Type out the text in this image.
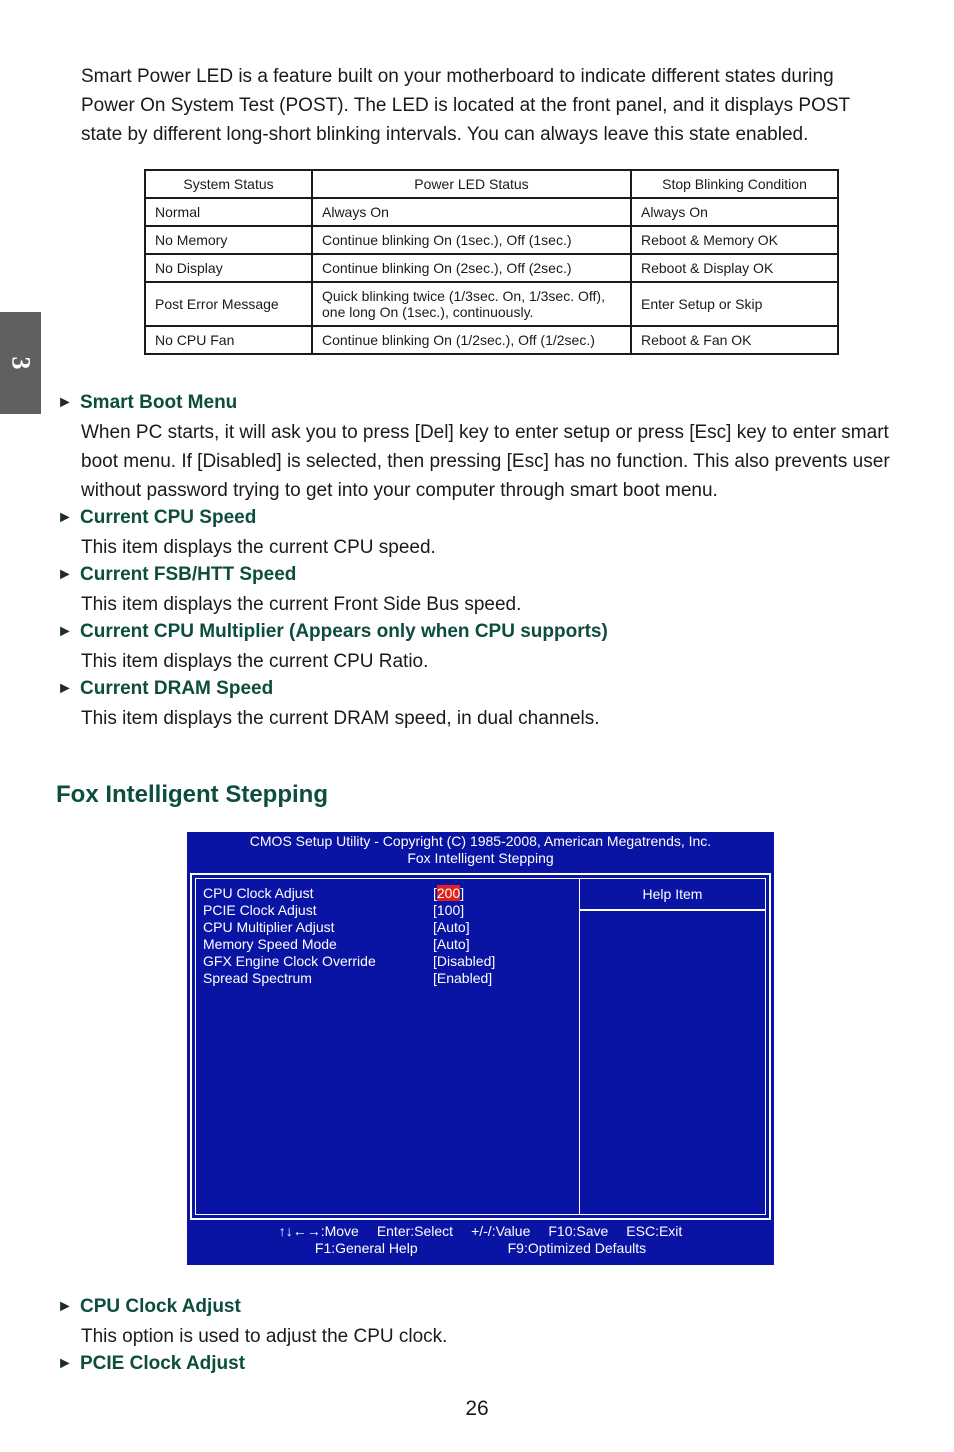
3

Smart Power LED is a feature built on your motherboard to indicate different states during Power On System Test (POST). The LED is located at the front panel, and it displays POST state by different long-short blinking intervals. You can always leave this state enabled.

System Status	Power LED Status	Stop Blinking Condition
Normal	Always On	Always On
No Memory	Continue blinking On (1sec.), Off (1sec.)	Reboot & Memory OK
No Display	Continue blinking On (2sec.), Off (2sec.)	Reboot & Display OK
Post Error Message	Quick blinking twice (1/3sec. On, 1/3sec. Off), one long On (1sec.), continuously.	Enter Setup or Skip
No CPU Fan	Continue blinking On (1/2sec.), Off (1/2sec.)	Reboot & Fan OK
► Smart Boot Menu
When PC starts, it will ask you to press [Del] key to enter setup or press [Esc] key to enter smart boot menu. If [Disabled] is selected, then pressing [Esc] has no function. This also prevents user without password trying to get into your computer through smart boot menu.
► Current CPU Speed
This item displays the current CPU speed.
► Current FSB/HTT Speed
This item displays the current Front Side Bus speed.
► Current CPU Multiplier (Appears only when CPU supports)
This item displays the current CPU Ratio.
► Current DRAM Speed
This item displays the current DRAM speed, in dual channels.
Fox Intelligent Stepping
CMOS Setup Utility - Copyright (C) 1985-2008, American Megatrends, Inc.
Fox Intelligent Stepping
CPU Clock Adjust	[200]
PCIE Clock Adjust	[100]
CPU Multiplier Adjust	[Auto]
Memory Speed Mode	[Auto]
GFX Engine Clock Override	[Disabled]
Spread Spectrum	[Enabled]
Help Item
↑↓←→:Move Enter:Select +/-/:Value F10:Save ESC:Exit
F1:General Help	F9:Optimized Defaults
► CPU Clock Adjust
This option is used to adjust the CPU clock.
► PCIE Clock Adjust
26
